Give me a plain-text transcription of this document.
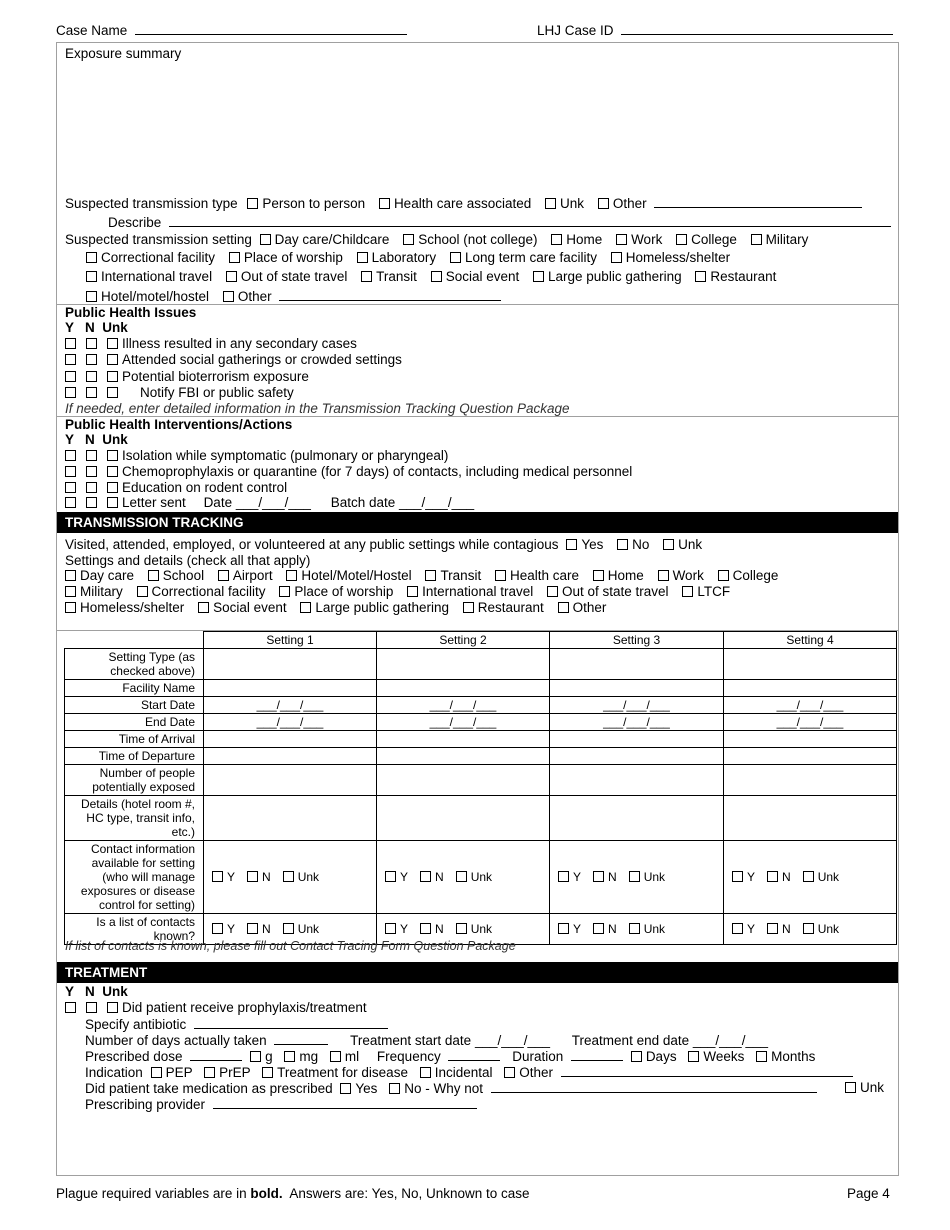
Case Name	LHJ Case ID
Exposure summary
Suspected transmission type Person to person Health care associated Unk Other
Describe
Suspected transmission setting Day care/Childcare School (not college) Home Work College Military
Correctional facility Place of worship Laboratory Long term care facility Homeless/shelter
International travel Out of state travel Transit Social event Large public gathering Restaurant
Hotel/motel/hostel Other
Public Health Issues
Y   N  Unk
Illness resulted in any secondary cases
Attended social gatherings or crowded settings
Potential bioterrorism exposure
Notify FBI or public safety
If needed, enter detailed information in the Transmission Tracking Question Package
Public Health Interventions/Actions
Y   N  Unk
Isolation while symptomatic (pulmonary or pharyngeal)
Chemoprophylaxis or quarantine (for 7 days) of contacts, including medical personnel
Education on rodent control
Letter sent Date ___/___/___ Batch date ___/___/___
TRANSMISSION TRACKING
Visited, attended, employed, or volunteered at any public settings while contagious Yes No Unk
Settings and details (check all that apply)
Day care School Airport Hotel/Motel/Hostel Transit Health care Home Work College
Military Correctional facility Place of worship International travel Out of state travel LTCF
Homeless/shelter Social event Large public gathering Restaurant Other
	Setting 1	Setting 2	Setting 3	Setting 4
Setting Type (as checked above)				
Facility Name				
Start Date	___/___/___	___/___/___	___/___/___	___/___/___
End Date	___/___/___	___/___/___	___/___/___	___/___/___
Time of Arrival				
Time of Departure				
Number of people potentially exposed				
Details (hotel room #, HC type, transit info, etc.)				
Contact information available for setting (who will manage exposures or disease control for setting)	Y N Unk	Y N Unk	Y N Unk	Y N Unk
Is a list of contacts known?	Y N Unk	Y N Unk	Y N Unk	Y N Unk
If list of contacts is known, please fill out Contact Tracing Form Question Package
TREATMENT
Y   N  Unk
Did patient receive prophylaxis/treatment
Specify antibiotic
Number of days actually taken	Treatment start date ___/___/___ Treatment end date ___/___/___
Prescribed dose	g mg ml Frequency	Duration	Days Weeks Months
Indication PEP PrEP Treatment for disease Incidental Other
Did patient take medication as prescribed Yes No - Why not	Unk
Prescribing provider
Plague required variables are in bold.  Answers are: Yes, No, Unknown to case	Page 4
